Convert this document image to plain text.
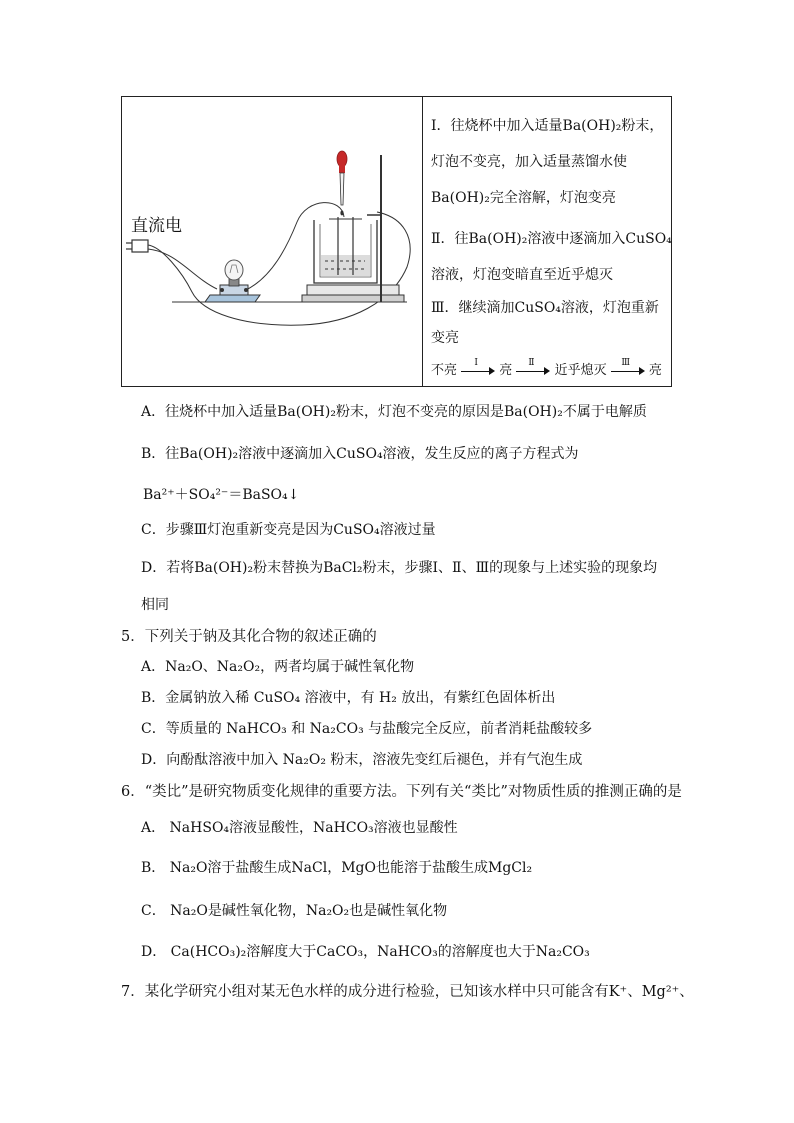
直流电
Ⅰ．往烧杯中加入适量Ba(OH)₂粉末，
灯泡不变亮，加入适量蒸馏水使
Ba(OH)₂完全溶解，灯泡变亮
Ⅱ．往Ba(OH)₂溶液中逐滴加入CuSO₄
溶液，灯泡变暗直至近乎熄灭
Ⅲ．继续滴加CuSO₄溶液，灯泡重新
变亮
不亮
Ⅰ
亮
Ⅱ
近乎熄灭
Ⅲ
亮
A．往烧杯中加入适量Ba(OH)₂粉末，灯泡不变亮的原因是Ba(OH)₂不属于电解质
B．往Ba(OH)₂溶液中逐滴加入CuSO₄溶液，发生反应的离子方程式为
Ba²⁺＋SO₄²⁻＝BaSO₄↓
C．步骤Ⅲ灯泡重新变亮是因为CuSO₄溶液过量
D．若将Ba(OH)₂粉末替换为BaCl₂粉末，步骤Ⅰ、Ⅱ、Ⅲ的现象与上述实验的现象均
相同
5．下列关于钠及其化合物的叙述正确的
A．Na₂O、Na₂O₂，两者均属于碱性氧化物
B．金属钠放入稀 CuSO₄ 溶液中，有 H₂ 放出，有紫红色固体析出
C．等质量的 NaHCO₃ 和 Na₂CO₃ 与盐酸完全反应，前者消耗盐酸较多
D．向酚酞溶液中加入 Na₂O₂ 粉末，溶液先变红后褪色，并有气泡生成
6．“类比”是研究物质变化规律的重要方法。下列有关“类比”对物质性质的推测正确的是
A． NaHSO₄溶液显酸性，NaHCO₃溶液也显酸性
B． Na₂O溶于盐酸生成NaCl，MgO也能溶于盐酸生成MgCl₂
C． Na₂O是碱性氧化物，Na₂O₂也是碱性氧化物
D． Ca(HCO₃)₂溶解度大于CaCO₃，NaHCO₃的溶解度也大于Na₂CO₃
7．某化学研究小组对某无色水样的成分进行检验，已知该水样中只可能含有K⁺、Mg²⁺、
